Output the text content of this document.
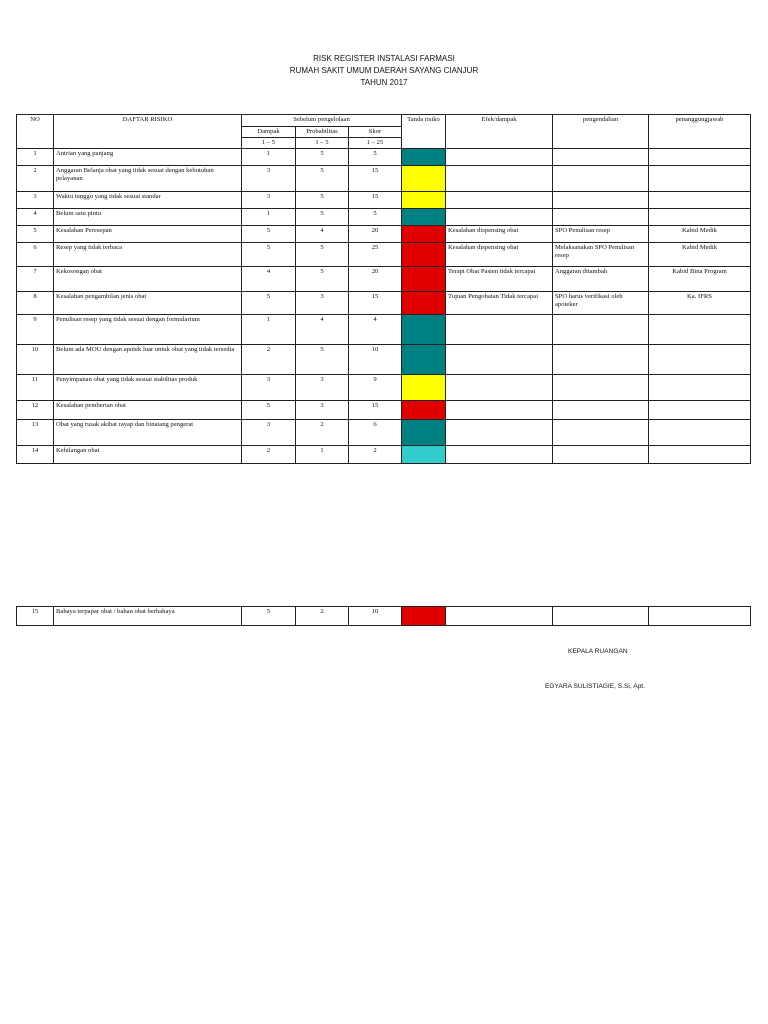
RISK REGISTER INSTALASI FARMASI
RUMAH SAKIT UMUM DAERAH SAYANG CIANJUR
TAHUN 2017
NO	DAFTAR RISIKO	Sebelum pengelolaan			Tanda risiko	Efek/dampak	pengendalian	penanggungjawab
		Dampak	Probabilitas	Skor				
		1 – 5	1 – 5	1 – 25				
1	Antrian yang panjang	1	5	5				
2	Anggaran Belanja obat yang tidak sesuai dengan kebutuhan pelayanan	3	5	15				
3	Waktu tunggu yang tidak sesuai standar	3	5	15				
4	Belum satu pintu	1	5	5				
5	Kesalahan Peresepan	5	4	20		Kesalahan dispensing obat	SPO Penulisan resep	Kabid Medik
6	Resep yang tidak terbaca	5	5	25		Kesalahan dispensing obat	Melaksanakan SPO Penulisan resep	Kabid Medik
7	Kekosongan obat	4	5	20		Terapi Obat Pasien tidak tercapai	Anggaran ditambah	Kabid Bina Program
8	Kesalahan pengambilan jenis obat	5	3	15		Tujuan Pengobatan Tidak tercapai	SPO harus verifikasi oleh apoteker	Ka. IFRS
9	Penulisan resep yang tidak sesuai dengan formularium	1	4	4				
10	Belum ada MOU dengan apotek luar untuk obat yang tidak tersedia	2	5	10				
11	Penyimpanan obat yang tidak sesuai stabilitas produk	3	3	9				
12	Kesalahan pemberian obat	5	3	15				
13	Obat yang rusak akibat rayap dan binatang pengerat	3	2	6				
14	Kehilangan obat	2	1	2				
15	Bahaya terpapar obat / bahan obat berbahaya	5	2	10				
KEPALA RUANGAN
EGYARA SULISTIAGIE, S.Si, Apt.
